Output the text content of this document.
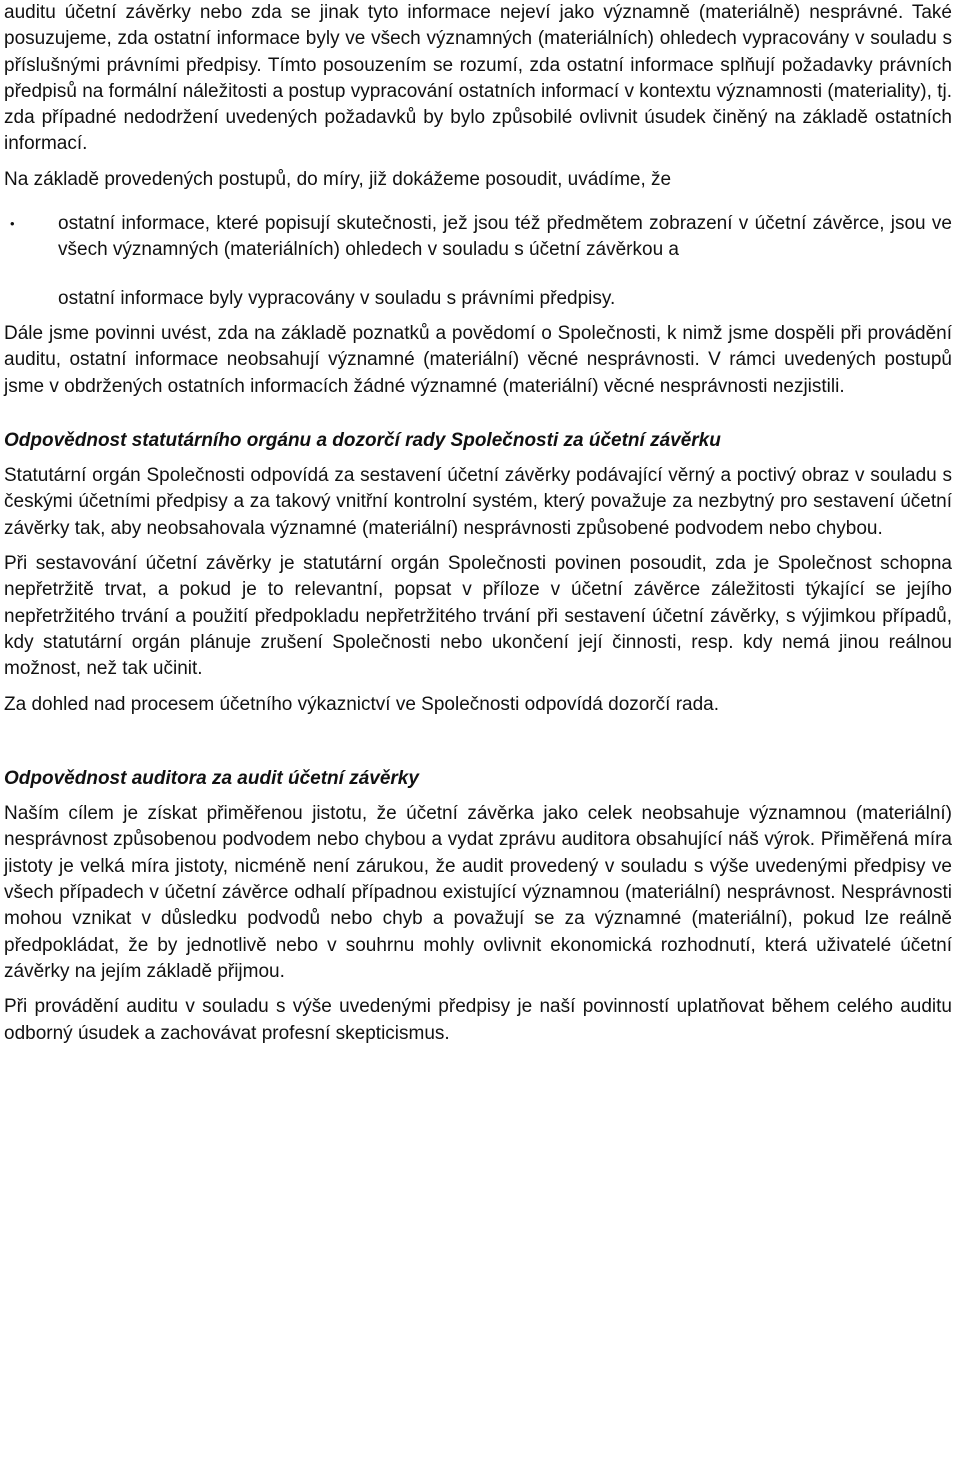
auditu účetní závěrky nebo zda se jinak tyto informace nejeví jako významně (materiálně) nesprávné. Také posuzujeme, zda ostatní informace byly ve všech významných (materiálních) ohledech vypracovány v souladu s příslušnými právními předpisy. Tímto posouzením se rozumí, zda ostatní informace splňují požadavky právních předpisů na formální náležitosti a postup vypracování ostatních informací v kontextu významnosti (materiality), tj. zda případné nedodržení uvedených požadavků by bylo způsobilé ovlivnit úsudek činěný na základě ostatních informací.

Na základě provedených postupů, do míry, již dokážeme posoudit, uvádíme, že

•	ostatní informace, které popisují skutečnosti, jež jsou též předmětem zobrazení v účetní závěrce, jsou ve všech významných (materiálních) ohledech v souladu s účetní závěrkou a

ostatní informace byly vypracovány v souladu s právními předpisy.

Dále jsme povinni uvést, zda na základě poznatků a povědomí o Společnosti, k nimž jsme dospěli při provádění auditu, ostatní informace neobsahují významné (materiální) věcné nesprávnosti. V rámci uvedených postupů jsme v obdržených ostatních informacích žádné významné (materiální) věcné nesprávnosti nezjistili.

Odpovědnost statutárního orgánu a dozorčí rady Společnosti za účetní závěrku

Statutární orgán Společnosti odpovídá za sestavení účetní závěrky podávající věrný a poctivý obraz v souladu s českými účetními předpisy a za takový vnitřní kontrolní systém, který považuje za nezbytný pro sestavení účetní závěrky tak, aby neobsahovala významné (materiální) nesprávnosti způsobené podvodem nebo chybou.

Při sestavování účetní závěrky je statutární orgán Společnosti povinen posoudit, zda je Společnost schopna nepřetržitě trvat, a pokud je to relevantní, popsat v příloze v účetní závěrce záležitosti týkající se jejího nepřetržitého trvání a použití předpokladu nepřetržitého trvání při sestavení účetní závěrky, s výjimkou případů, kdy statutární orgán plánuje zrušení Společnosti nebo ukončení její činnosti, resp. kdy nemá jinou reálnou možnost, než tak učinit.

Za dohled nad procesem účetního výkaznictví ve Společnosti odpovídá dozorčí rada.

Odpovědnost auditora za audit účetní závěrky

Naším cílem je získat přiměřenou jistotu, že účetní závěrka jako celek neobsahuje významnou (materiální) nesprávnost způsobenou podvodem nebo chybou a vydat zprávu auditora obsahující náš výrok. Přiměřená míra jistoty je velká míra jistoty, nicméně není zárukou, že audit provedený v souladu s výše uvedenými předpisy ve všech případech v účetní závěrce odhalí případnou existující významnou (materiální) nesprávnost. Nesprávnosti mohou vznikat v důsledku podvodů nebo chyb a považují se za významné (materiální), pokud lze reálně předpokládat, že by jednotlivě nebo v souhrnu mohly ovlivnit ekonomická rozhodnutí, která uživatelé účetní závěrky na jejím základě přijmou.

Při provádění auditu v souladu s výše uvedenými předpisy je naší povinností uplatňovat během celého auditu odborný úsudek a zachovávat profesní skepticismus.
